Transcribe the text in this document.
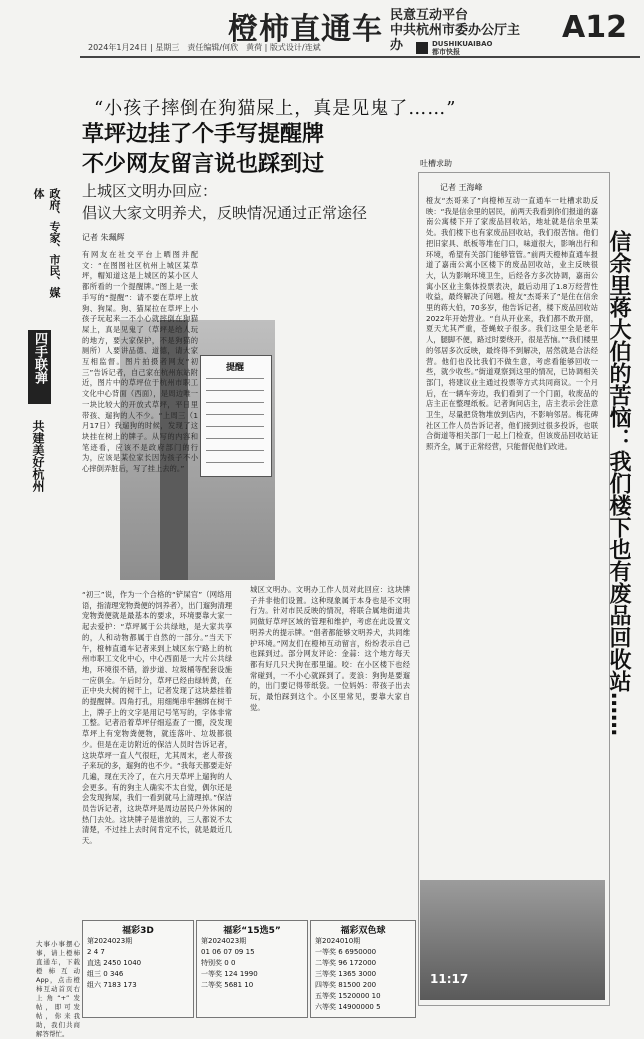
橙柿直通车 民意互动平台
中共杭州市委办公厅主办
A12
2024年1月24日 | 星期三　责任编辑/何欣　黄荷 | 版式设计/连斌	DUSHIKUAIBAO
都市快报
政府、专家、市民、媒体
四手联弹
共建美好杭州
大事小事摆心事，请上橙柿直通车，下载橙柿互动App，点击橙柿互动首页右上角“+”发帖，即可发帖，你来我助，我们共商解答帮忙。
“小孩子摔倒在狗猫屎上，真是见鬼了……”
草坪边挂了个手写提醒牌
不少网友留言说也踩到过
上城区文明办回应：
倡议大家文明养犬，反映情况通过正常途径
记者 朱珮辉
提醒
有网友在社交平台上晒图并配文：“在图图社区杭州上城区某草坪，帽知道这是上城区的某小区人都所看的一个提醒牌。”图上是一张手写的“提醒”：请不要在草坪上放狗、狗屎。狗、猫屎拉在草坪上小孩子玩起来一不小心就摔倒在狗猫屎上，真是见鬼了（草坪是给人玩的地方，要大家保护，不是狗猫的厕所）人要讲品德、道德，请大家互相监督。图片拍摄者网友“初三”告诉记者，自己家在杭州东站附近，图片中的草坪位于杭州市职工文化中心背面（西面），是周边唯一一块比较大的开放式草坪，平日里带孩、遛狗的人不少。“上周三（1月17日）我遛狗的时候，发现了这块挂在树上的牌子。从写的内容和笔迹看，应该不是政府部门的行为，应该是某位家长因为孩子不小心摔倒弄脏后，写了挂上去的。”
“初三”说，作为一个合格的“铲屎官”（网络用语，指清理宠物粪便的饲养者），出门遛狗清理宠物粪便就是最基本的要求，环境要靠大家一起去爱护：“草坪属于公共绿地，是大家共享的，人和动物都属于自然的一部分。”当天下午，橙柿直通车记者来到上城区东宁路上的杭州市职工文化中心，中心西面是一大片公共绿地，环境很不错，游步道、垃圾桶等配套设施一应俱全。午后时分，草坪已经由绿转黄，在正中央大树的树干上，记者发现了这块悬挂着的提醒牌。四角打孔，用细绳串牢捆绑在树干上，牌子上的文字是用记号笔写的，字体非常工整。记者沿着草坪仔细巡查了一圈，没发现草坪上有宠物粪便物，就连落叶、垃圾都很少。但是在走访附近的保洁人员时告诉记者，这块草坪一直人气很旺，尤其周末，老人带孩子来玩的多，遛狗的也不少。“我每天都要走好几遍，现在天冷了，在六月天草坪上遛狗的人会更多。有的狗主人确实不太自觉，偶尔还是会发现狗屎，我们一看到就马上清理掉。”保洁员告诉记者，这块草坪是周边居民户外休闲的热门去处。这块牌子是谁放的，三人都说不太清楚，不过挂上去时间肯定不长，就是最近几天。
城区文明办。文明办工作人员对此回应：这块牌子并非他们设置。这种现象属于本身也是不文明行为。针对市民反映的情况，将联合属地街道共同做好草坪区域的管理和维护，考虑在此设置文明养犬的提示牌。“倡者都能够文明养犬，共同维护环境。”网友们在橙柿互动留言，纷纷表示自己也踩到过。部分网友评论：金蒜：这个地方每天都有好几只犬狗在那里遛。咬：在小区楼下也经常碰到，一不小心就踩到了。麦浪：狗狗是要遛的，出门要记得带纸袋。一位妈妈：带孩子出去玩，最怕踩到这个。小区里常见，要靠大家自觉。
吐槽求助
记者 王海峰
信余里蒋大伯的苦恼：我们楼下也有废品回收站……
橙友“杰哥来了”向橙柿互动一直通车一吐槽求助反映：“我是信余里的居民，前两天我看到你们报道的嘉南公寓楼下开了家废品回收站，地址就是信余里某处。我们楼下也有家废品回收站，我们很苦恼。他们把旧家具、纸板等堆在门口，味道很大，影响出行和环境，希望有关部门能够管管。”前两天橙柿直通车报道了嘉南公寓小区楼下的废品回收站，业主反映很大，认为影响环境卫生，后经各方多次协调，嘉南公寓小区业主集体投票表决，最后动用了1.8万经营性收益，最终解决了问题。橙友“杰哥来了”是住在信余里的蒋大伯，70多岁，他告诉记者，楼下废品回收站2022年开始营业。“自从开业来，我们都不敢开窗，夏天尤其严重，苍蝇蚊子很多。我们这里全是老年人，腿脚不便，路过时要绕开，很是苦恼。”“我们楼里的邻居多次反映，最终得不到解决，居然就是合法经营。他们也没比我们不做生意，考虑看能够回收一些，就少收些。”街道观察到这里的情况，已协调相关部门，将建议业主通过投票等方式共同商议。一个月后，在一辆车旁边，我们看到了一个门面，收废品的店主正在整理纸板。记者询问店主，店主表示会注意卫生，尽量把货物堆放到店内，不影响邻居。梅花碑社区工作人员告诉记者，他们接到过很多投诉，也联合街道等相关部门一起上门检查，但该废品回收站证照齐全，属于正常经营，只能督促他们改进。
11:17
福彩3D
第2024023期
2 4 7
直选 2450 1040
组三 0 346
组六 7183 173
福彩“15选5”
第2024023期
01 06 07 09 15
特别奖 0 0
一等奖 124 1990
二等奖 5681 10
福彩双色球
第2024010期
一等奖 6 6950000
二等奖 96 172000
三等奖 1365 3000
四等奖 81500 200
五等奖 1520000 10
六等奖 14900000 5
